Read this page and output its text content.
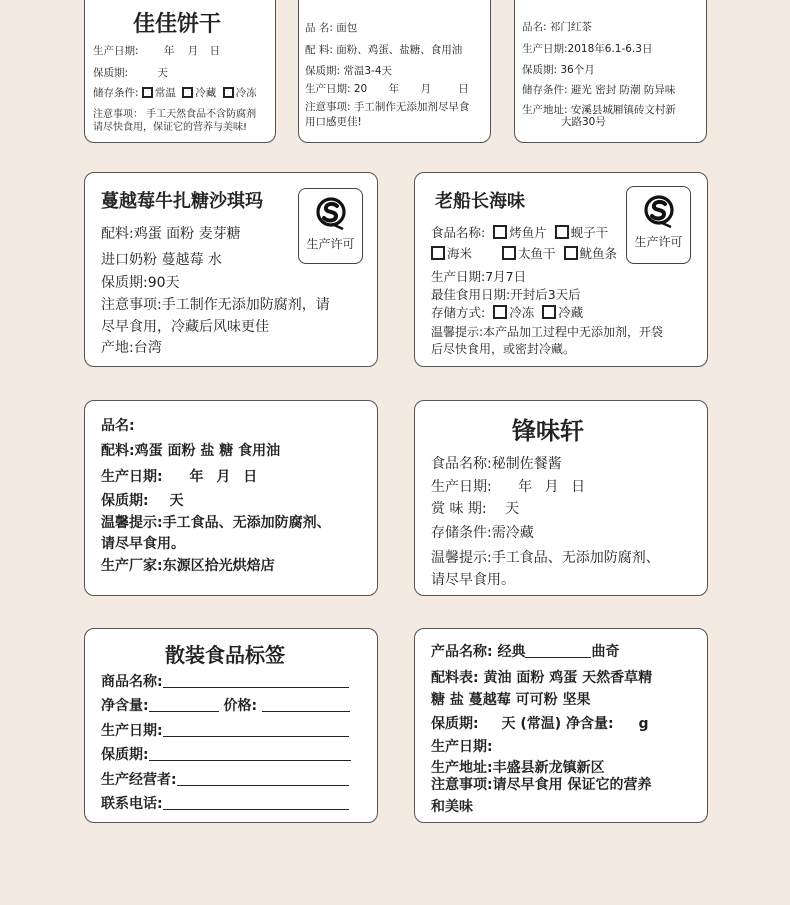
佳佳饼干
生产日期: 年 月 日
保质期:	天
储存条件: 常温 冷藏 冷冻
注意事项： 手工天然食品不含防腐剂
请尽快食用，保证它的营养与美味!
品 名: 面包
配 料: 面粉、鸡蛋、盐糖、食用油
保质期: 常温3-4天
生产日期: 20 年 月	日
注意事项: 手工制作无添加剂尽早食
用口感更佳!
品名: 祁门红茶
生产日期:2018年6.1-6.3日
保质期: 36个月
储存条件: 避光 密封 防潮 防异味
生产地址: 安溪县城厢镇砖文村新
大路30号
蔓越莓牛扎糖沙琪玛
配料:鸡蛋 面粉 麦芽糖
进口奶粉 蔓越莓 水
保质期:90天
注意事项:手工制作无添加防腐剂，请
尽早食用，冷藏后风味更佳
产地:台湾
生产许可
老船长海味
食品名称: 烤鱼片 蚬子干
海米	太鱼干 鱿鱼条
生产日期:7月7日
最佳食用日期:开封后3天后
存储方式: 冷冻 冷藏
温馨提示:本产品加工过程中无添加剂，开袋
后尽快食用，或密封冷藏。
生产许可
品名:
配料:鸡蛋 面粉 盐 糖 食用油
生产日期: 年 月 日
保质期: 天
温馨提示:手工食品、无添加防腐剂、
请尽早食用。
生产厂家:东源区拾光烘焙店
锋味轩
食品名称:秘制佐餐酱
生产日期: 年 月 日
赏 味 期: 天
存储条件:需冷藏
温馨提示:手工食品、无添加防腐剂、
请尽早食用。
散装食品标签
商品名称:
净含量:	价格:
生产日期:
保质期:
生产经营者:
联系电话:
产品名称: 经典	曲奇
配料表: 黄油 面粉 鸡蛋 天然香草精
糖 盐 蔓越莓 可可粉 坚果
保质期: 天 (常温) 净含量: g
生产日期:
生产地址:丰盛县新龙镇新区
注意事项:请尽早食用 保证它的营养
和美味
